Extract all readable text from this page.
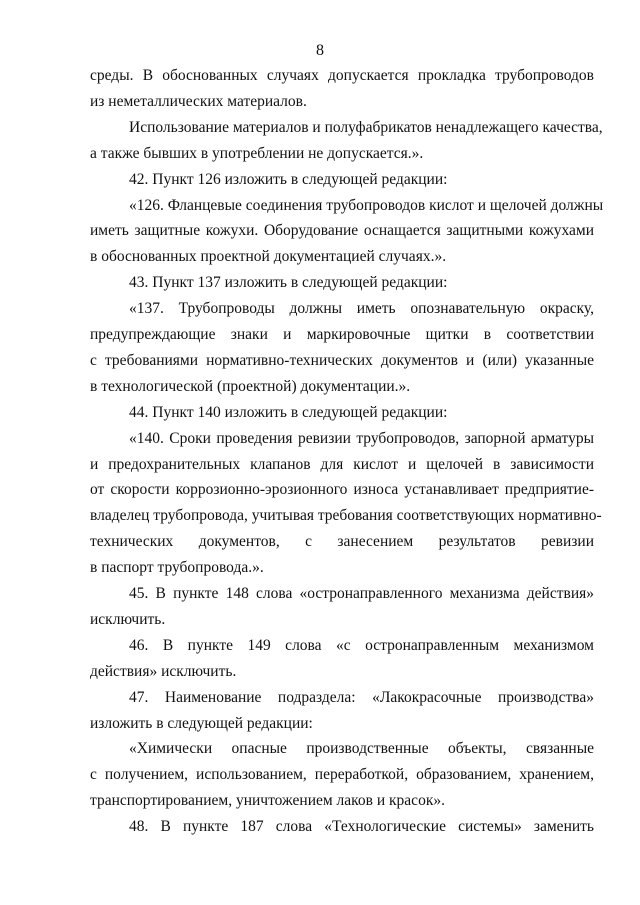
8
среды. В обоснованных случаях допускается прокладка трубопроводов
из неметаллических материалов.
Использование материалов и полуфабрикатов ненадлежащего качества,
а также бывших в употреблении не допускается.».
42. Пункт 126 изложить в следующей редакции:
«126. Фланцевые соединения трубопроводов кислот и щелочей должны
иметь защитные кожухи. Оборудование оснащается защитными кожухами
в обоснованных проектной документацией случаях.».
43. Пункт 137 изложить в следующей редакции:
«137. Трубопроводы должны иметь опознавательную окраску,
предупреждающие знаки и маркировочные щитки в соответствии
с требованиями нормативно-технических документов и (или) указанные
в технологической (проектной) документации.».
44. Пункт 140 изложить в следующей редакции:
«140. Сроки проведения ревизии трубопроводов, запорной арматуры
и предохранительных клапанов для кислот и щелочей в зависимости
от скорости коррозионно-эрозионного износа устанавливает предприятие-
владелец трубопровода, учитывая требования соответствующих нормативно-
технических документов, с занесением результатов ревизии
в паспорт трубопровода.».
45. В пункте 148 слова «остронаправленного механизма действия»
исключить.
46. В пункте 149 слова «с остронаправленным механизмом
действия» исключить.
47. Наименование подраздела: «Лакокрасочные производства»
изложить в следующей редакции:
«Химически опасные производственные объекты, связанные
с получением, использованием, переработкой, образованием, хранением,
транспортированием, уничтожением лаков и красок».
48. В пункте 187 слова «Технологические системы» заменить
